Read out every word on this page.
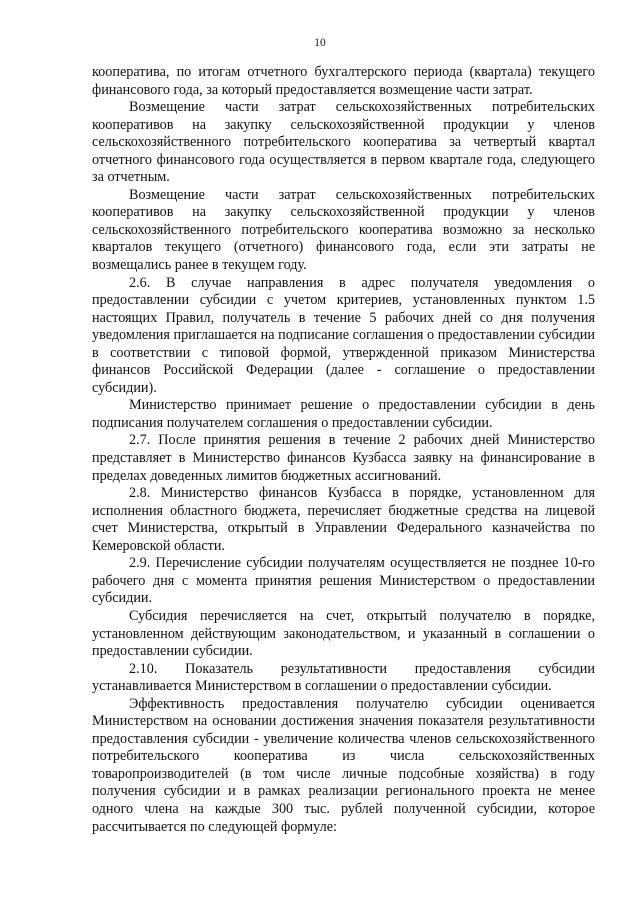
10

кооператива, по итогам отчетного бухгалтерского периода (квартала) текущего финансового года, за который предоставляется возмещение части затрат.

Возмещение части затрат сельскохозяйственных потребительских кооперативов на закупку сельскохозяйственной продукции у членов сельскохозяйственного потребительского кооператива за четвертый квартал отчетного финансового года осуществляется в первом квартале года, следующего за отчетным.

Возмещение части затрат сельскохозяйственных потребительских кооперативов на закупку сельскохозяйственной продукции у членов сельскохозяйственного потребительского кооператива возможно за несколько кварталов текущего (отчетного) финансового года, если эти затраты не возмещались ранее в текущем году.

2.6. В случае направления в адрес получателя уведомления о предоставлении субсидии с учетом критериев, установленных пунктом 1.5 настоящих Правил, получатель в течение 5 рабочих дней со дня получения уведомления приглашается на подписание соглашения о предоставлении субсидии в соответствии с типовой формой, утвержденной приказом Министерства финансов Российской Федерации (далее - соглашение о предоставлении субсидии).

Министерство принимает решение о предоставлении субсидии в день подписания получателем соглашения о предоставлении субсидии.

2.7. После принятия решения в течение 2 рабочих дней Министерство представляет в Министерство финансов Кузбасса заявку на финансирование в пределах доведенных лимитов бюджетных ассигнований.

2.8. Министерство финансов Кузбасса в порядке, установленном для исполнения областного бюджета, перечисляет бюджетные средства на лицевой счет Министерства, открытый в Управлении Федерального казначейства по Кемеровской области.

2.9. Перечисление субсидии получателям осуществляется не позднее 10-го рабочего дня с момента принятия решения Министерством о предоставлении субсидии.

Субсидия перечисляется на счет, открытый получателю в порядке, установленном действующим законодательством, и указанный в соглашении о предоставлении субсидии.

2.10. Показатель результативности предоставления субсидии устанавливается Министерством в соглашении о предоставлении субсидии.

Эффективность предоставления получателю субсидии оценивается Министерством на основании достижения значения показателя результативности предоставления субсидии - увеличение количества членов сельскохозяйственного потребительского кооператива из числа сельскохозяйственных товаропроизводителей (в том числе личные подсобные хозяйства) в году получения субсидии и в рамках реализации регионального проекта не менее одного члена на каждые 300 тыс. рублей полученной субсидии, которое рассчитывается по следующей формуле:
